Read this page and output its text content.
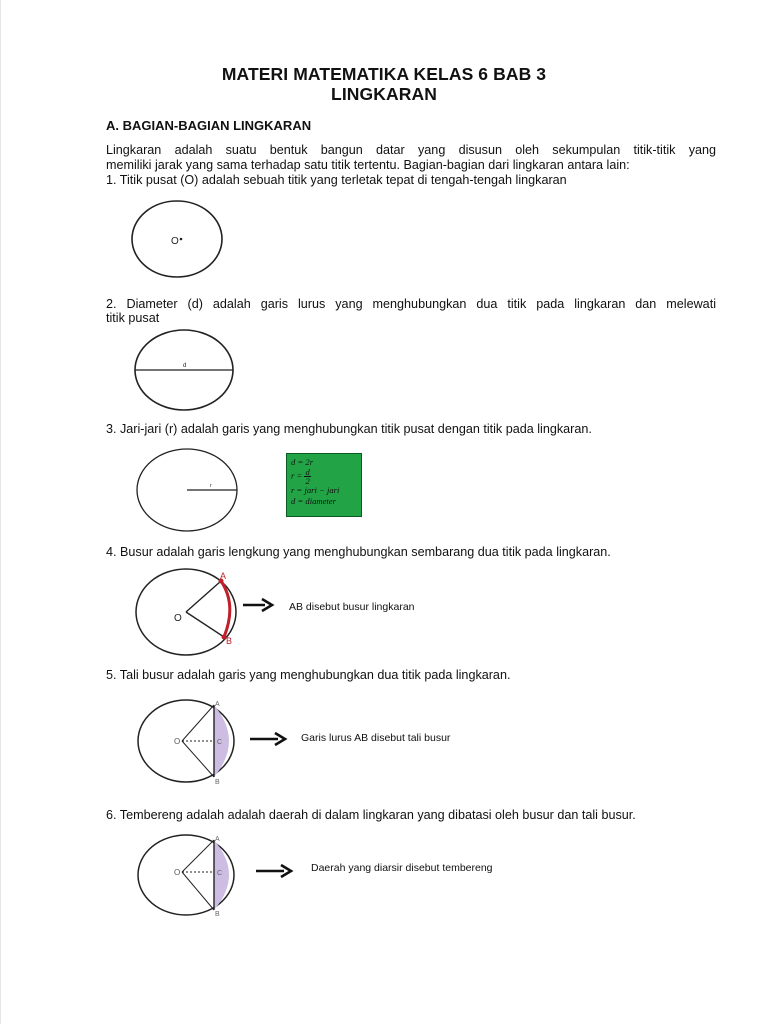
MATERI MATEMATIKA KELAS 6 BAB 3
LINGKARAN
A. BAGIAN-BAGIAN LINGKARAN
Lingkaran adalah suatu bentuk bangun datar yang disusun oleh sekumpulan titik-titik yang
memiliki jarak yang sama terhadap satu titik tertentu. Bagian-bagian dari lingkaran antara lain:
1. Titik pusat (O) adalah sebuah titik yang terletak tepat di tengah-tengah lingkaran
O
2. Diameter (d) adalah garis lurus yang menghubungkan dua titik pada lingkaran dan melewati
titik pusat
d
3. Jari-jari (r) adalah garis yang menghubungkan titik pusat dengan titik pada lingkaran.
r
d = 2r
$r = \frac{d}{2}$
r = jari − jari
d = diameter
4. Busur adalah garis lengkung yang menghubungkan sembarang dua titik pada lingkaran.
O
A
B
AB disebut busur lingkaran
5. Tali busur adalah garis yang menghubungkan dua titik pada lingkaran.
O
A
C
B
Garis lurus AB disebut tali busur
6. Tembereng adalah adalah daerah di dalam lingkaran yang dibatasi oleh busur dan tali busur.
O
A
C
B
Daerah yang diarsir disebut tembereng
